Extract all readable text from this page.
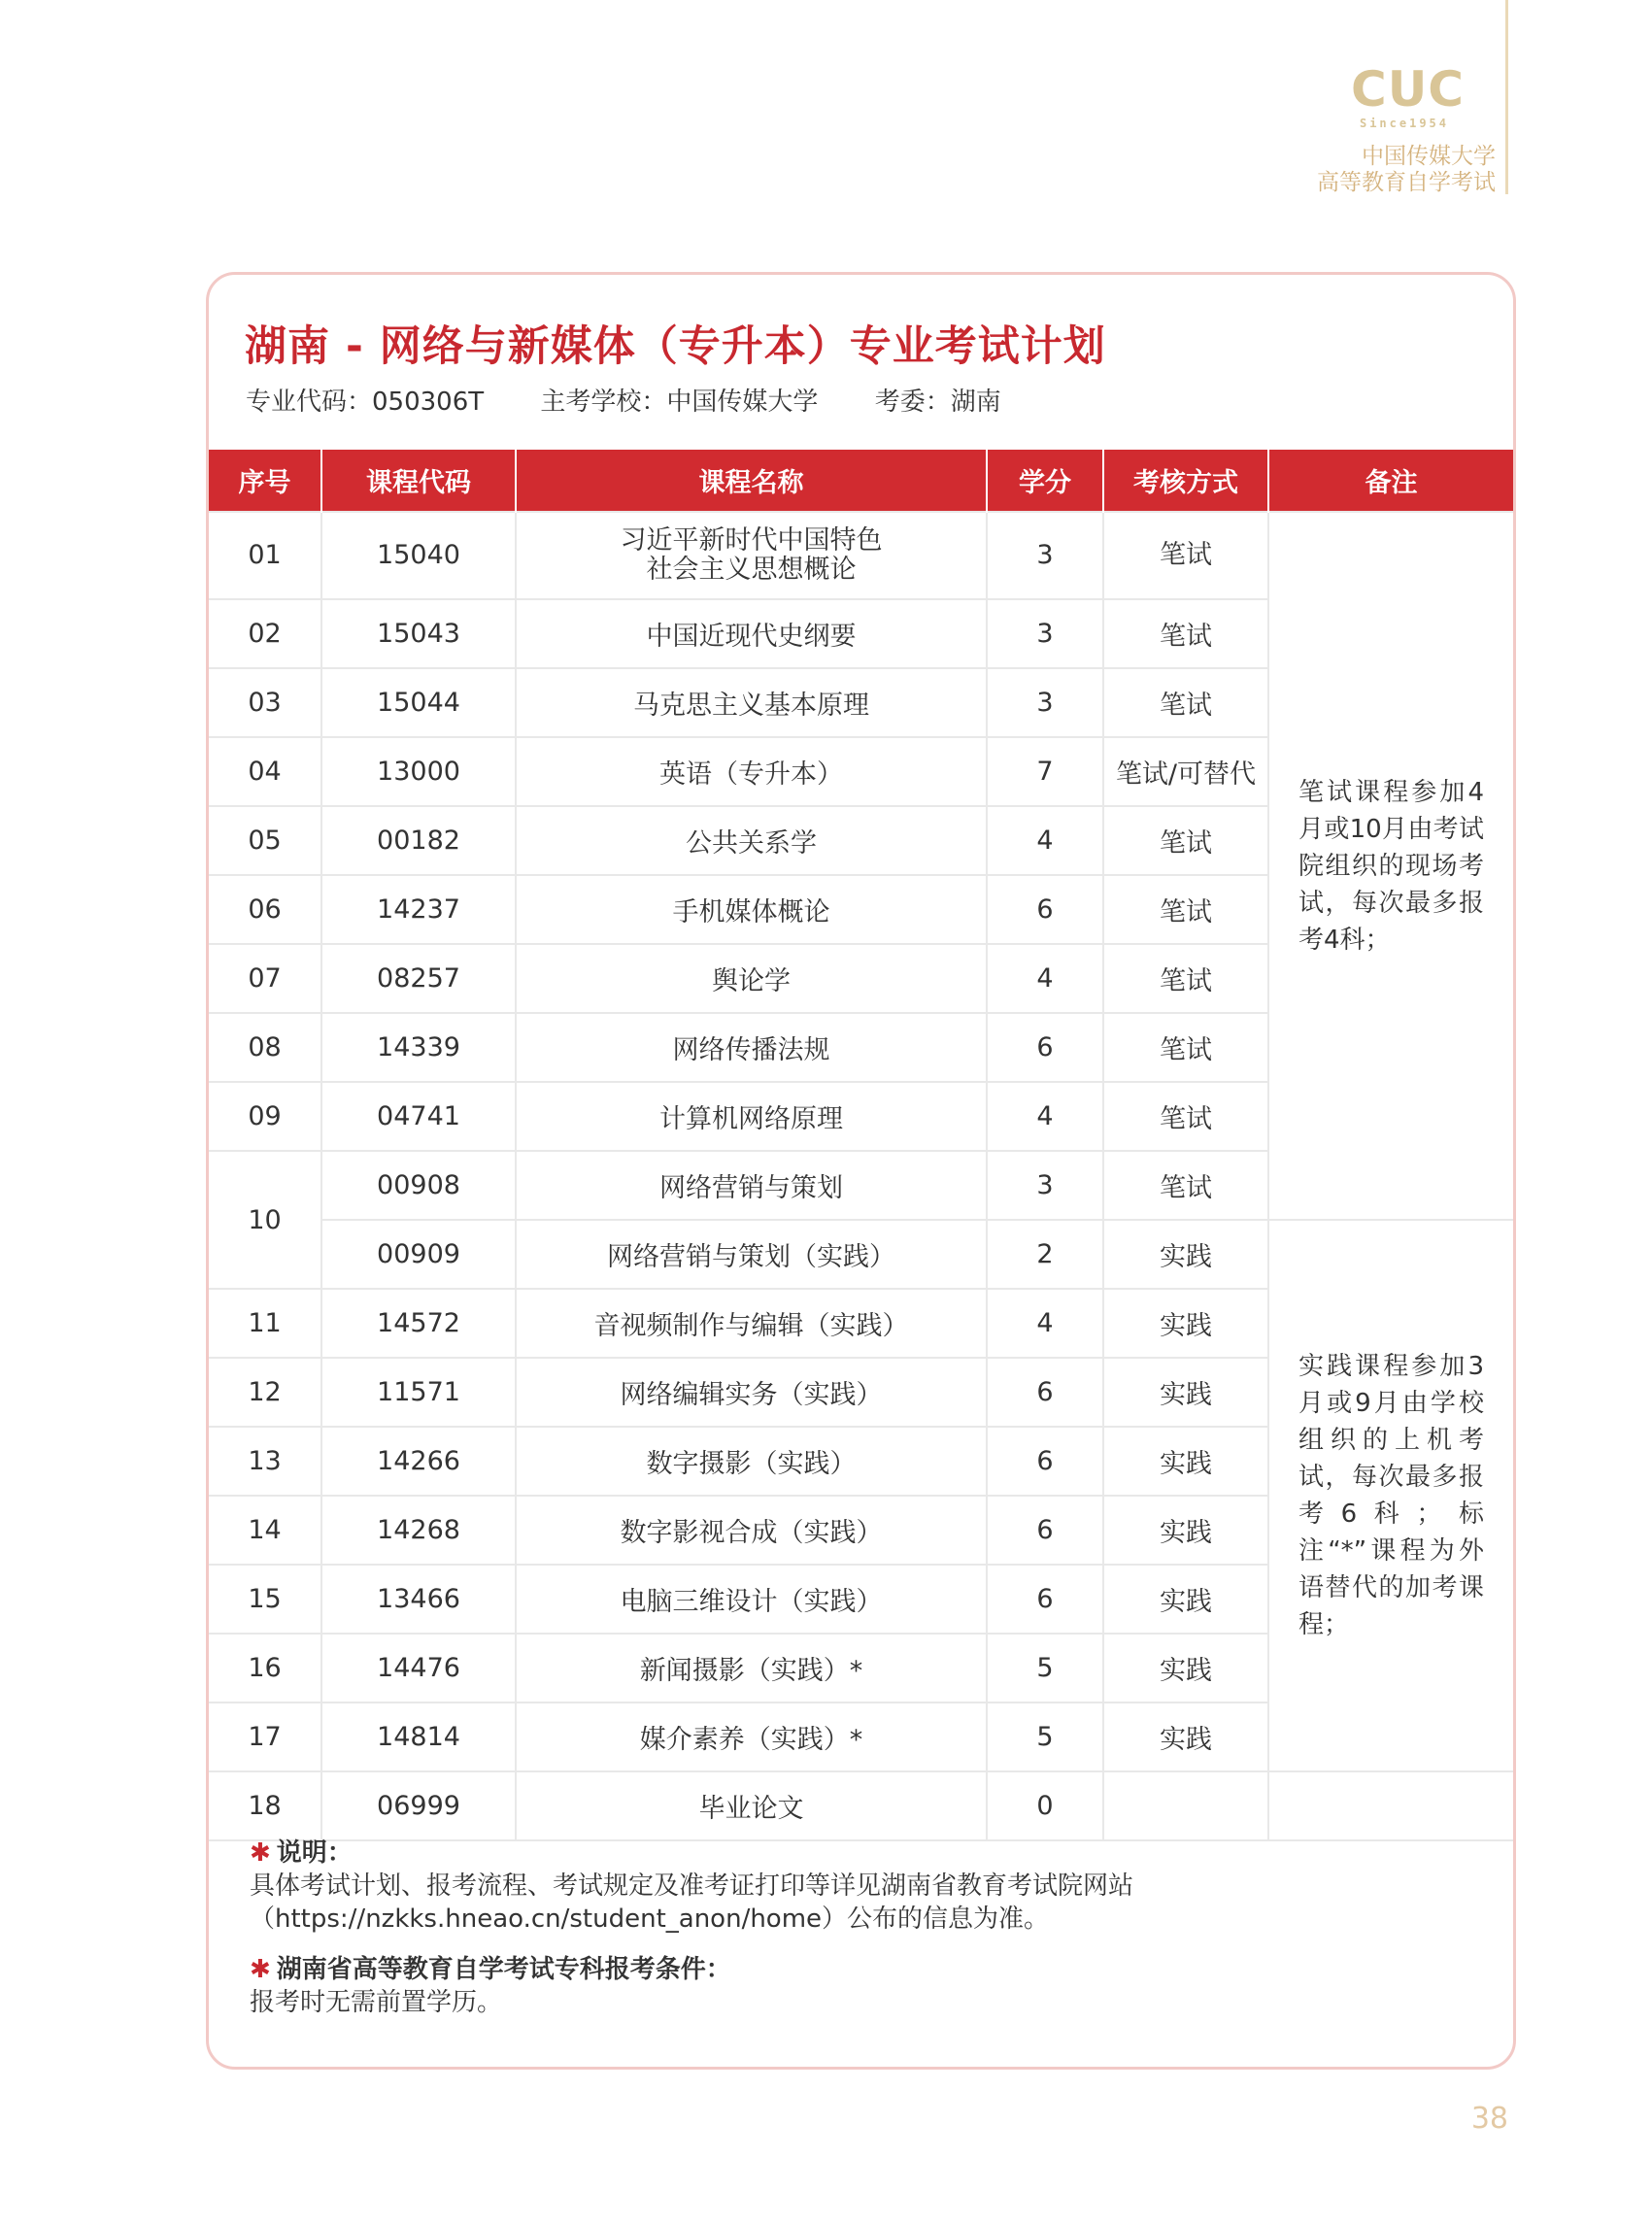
CUC
Since1954
中国传媒大学
高等教育自学考试
湖南 - 网络与新媒体（专升本）专业考试计划
专业代码：050306T 主考学校：中国传媒大学 考委：湖南
序号	课程代码	课程名称	学分	考核方式	备注
01	15040	习近平新时代中国特色
社会主义思想概论	3	笔试	笔试课程参加4月或10月由考试院组织的现场考试，每次最多报考4科；
02	15043	中国近现代史纲要	3	笔试	
03	15044	马克思主义基本原理	3	笔试	
04	13000	英语（专升本）	7	笔试/可替代	
05	00182	公共关系学	4	笔试	
06	14237	手机媒体概论	6	笔试	
07	08257	舆论学	4	笔试	
08	14339	网络传播法规	6	笔试	
09	04741	计算机网络原理	4	笔试	
10	00908	网络营销与策划	3	笔试	
	00909	网络营销与策划（实践）	2	实践	实践课程参加3月或9月由学校组织的上机考试，每次最多报考6科；标注“*”课程为外语替代的加考课程；
11	14572	音视频制作与编辑（实践）	4	实践	
12	11571	网络编辑实务（实践）	6	实践	
13	14266	数字摄影（实践）	6	实践	
14	14268	数字影视合成（实践）	6	实践	
15	13466	电脑三维设计（实践）	6	实践	
16	14476	新闻摄影（实践）*	5	实践	
17	14814	媒介素养（实践）*	5	实践	
18	06999	毕业论文	0		

✱ 说明：

具体考试计划、报考流程、考试规定及准考证打印等详见湖南省教育考试院网站

（https://nzkks.hneao.cn/student_anon/home）公布的信息为准。

✱ 湖南省高等教育自学考试专科报考条件：

报考时无需前置学历。

38
